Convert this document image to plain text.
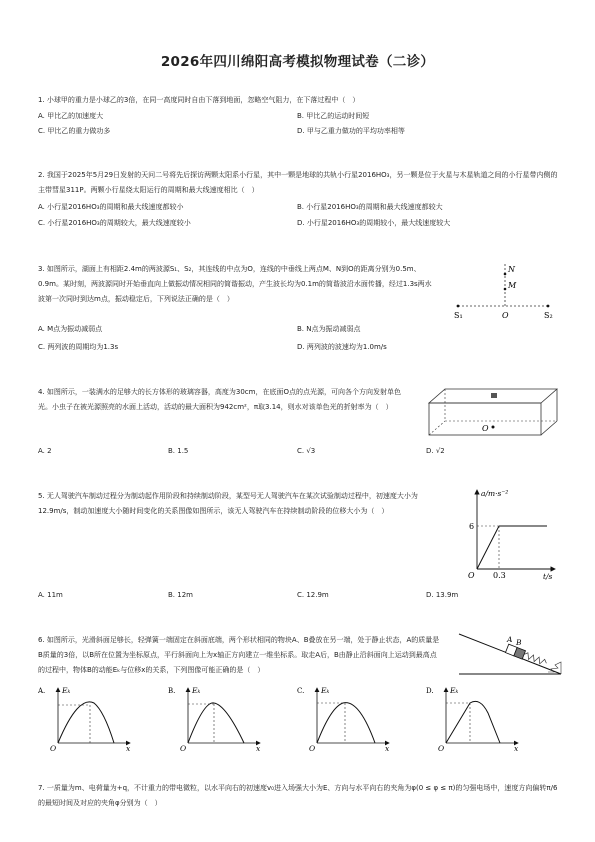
2026年四川绵阳高考模拟物理试卷（二诊）
1. 小球甲的重力是小球乙的3倍，在同一高度同时自由下落到地面，忽略空气阻力，在下落过程中（　）
A. 甲比乙的加速度大	B. 甲比乙的运动时间短
C. 甲比乙的重力做功多	D. 甲与乙重力做功的平均功率相等
2. 我国于2025年5月29日发射的天问二号将先后探访两颗太阳系小行星，其中一颗是地球的共轨小行星2016HO₃，另一颗是位于火星与木星轨道之间的小行星带内侧的主带彗星311P。两颗小行星绕太阳运行的周期和最大线速度相比（　）
A. 小行星2016HO₃的周期和最大线速度都较小	B. 小行星2016HO₃的周期和最大线速度都较大
C. 小行星2016HO₃的周期较大，最大线速度较小	D. 小行星2016HO₃的周期较小，最大线速度较大
3. 如图所示，湖面上有相距2.4m的两波源S₁、S₂，其连线的中点为O，连线的中垂线上两点M、N到O的距离分别为0.5m、0.9m。某时刻，两波源同时开始垂直向上做振动情况相同的简谐振动，产生波长均为0.1m的简谐波沿水面传播，经过1.3s两水波第一次同时到达m点，振动稳定后，下列说法正确的是（　）
N
M
S₁	O	S₂
A. M点为振动减弱点	B. N点为振动减弱点
C. 两列波的周期均为1.3s	D. 两列波的波速均为1.0m/s
4. 如图所示，一装满水的足够大的长方体形的玻璃容器，高度为30cm，在底面O点的点光源，可向各个方向发射单色光。小虫子在被光源照亮的水面上活动，活动的最大面积为942cm²，π取3.14，则水对该单色光的折射率为（　）
O
A. 2	B. 1.5	C. √3	D. √2
5. 无人驾驶汽车制动过程分为制动起作用阶段和持续制动阶段，某型号无人驾驶汽车在某次试验制动过程中，初速度大小为12.9m/s，制动加速度大小随时间变化的关系图像如图所示，该无人驾驶汽车在持续制动阶段的位移大小为（　）
a/m·s⁻²
t/s
6
0.3
O
A. 11m	B. 12m	C. 12.9m	D. 13.9m
6. 如图所示，光滑斜面足够长，轻弹簧一端固定在斜面底端，两个形状相同的物块A、B叠放在另一端，处于静止状态，A的质量是B质量的3倍，以B所在位置为坐标原点，平行斜面向上为x轴正方向建立一维坐标系。取走A后，B由静止沿斜面向上运动到最高点的过程中，物体B的动能Eₖ与位移x的关系，下列图像可能正确的是（　）
A B
A. Eₖ
x
O
B. Eₖ
x
O
C. Eₖ
x
O
D. Eₖ
x
O
7. 一质量为m、电荷量为+q，不计重力的带电微粒，以水平向右的初速度v₀进入场强大小为E、方向与水平向右的夹角为φ(0 ≤ φ ≤ π)的匀强电场中，速度方向偏转π/6的最短时间及对应的夹角φ分别为（　）
